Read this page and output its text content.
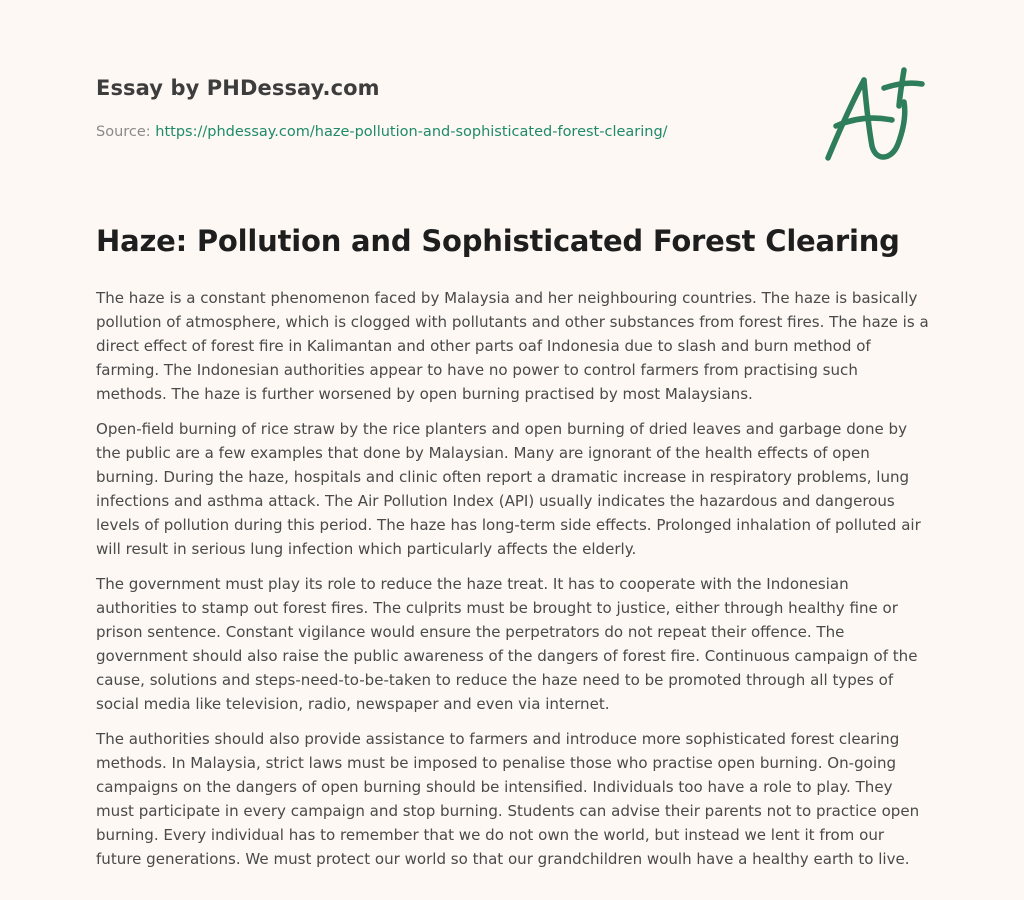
Essay by PHDessay.com
Source: https://phdessay.com/haze-pollution-and-sophisticated-forest-clearing/
Haze: Pollution and Sophisticated Forest Clearing

The haze is a constant phenomenon faced by Malaysia and her neighbouring countries. The haze is basically pollution of atmosphere, which is clogged with pollutants and other substances from forest fires. The haze is a direct effect of forest fire in Kalimantan and other parts oaf Indonesia due to slash and burn method of farming. The Indonesian authorities appear to have no power to control farmers from practising such methods. The haze is further worsened by open burning practised by most Malaysians.

Open-field burning of rice straw by the rice planters and open burning of dried leaves and garbage done by the public are a few examples that done by Malaysian. Many are ignorant of the health effects of open burning. During the haze, hospitals and clinic often report a dramatic increase in respiratory problems, lung infections and asthma attack. The Air Pollution Index (API) usually indicates the hazardous and dangerous levels of pollution during this period. The haze has long-term side effects. Prolonged inhalation of polluted air will result in serious lung infection which particularly affects the elderly.

The government must play its role to reduce the haze treat. It has to cooperate with the Indonesian authorities to stamp out forest fires. The culprits must be brought to justice, either through healthy fine or prison sentence. Constant vigilance would ensure the perpetrators do not repeat their offence. The government should also raise the public awareness of the dangers of forest fire. Continuous campaign of the cause, solutions and steps-need-to-be-taken to reduce the haze need to be promoted through all types of social media like television, radio, newspaper and even via internet.

The authorities should also provide assistance to farmers and introduce more sophisticated forest clearing methods. In Malaysia, strict laws must be imposed to penalise those who practise open burning. On-going campaigns on the dangers of open burning should be intensified. Individuals too have a role to play. They must participate in every campaign and stop burning. Students can advise their parents not to practice open burning. Every individual has to remember that we do not own the world, but instead we lent it from our future generations. We must protect our world so that our grandchildren woulh have a healthy earth to live.
